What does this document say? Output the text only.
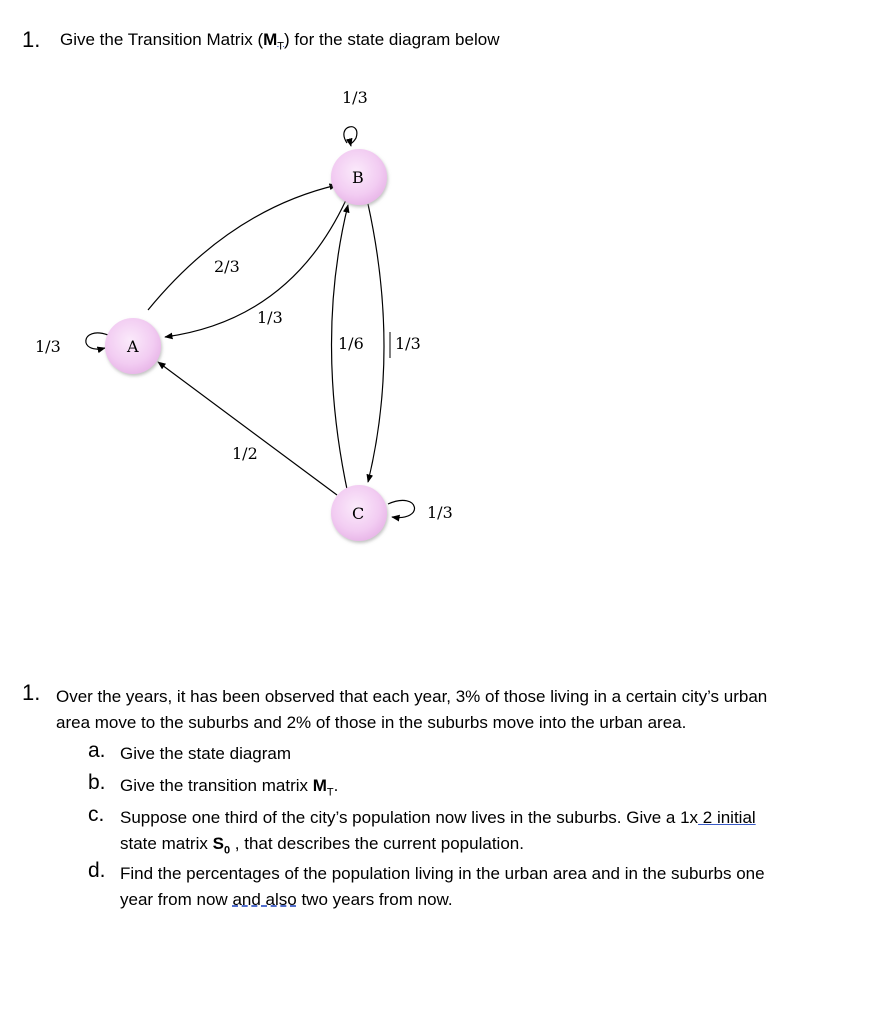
1. Give the Transition Matrix $(M_T)$ for the state diagram below
B
A
C
1/3
1/3
1/3
2/3
1/3
1/6 1/3
1/2
1. Over the years, it has been observed that each year, 3% of those living in a certain city’s urban
area move to the suburbs and 2% of those in the suburbs move into the urban area.
a. Give the state diagram
b. Give the transition matrix $M_T$.
c. Suppose one third of the city’s population now lives in the suburbs. Give a 1x 2 initial
state matrix $S_0$ , that describes the current population.
d. Find the percentages of the population living in the urban area and in the suburbs one
year from now and also two years from now.
